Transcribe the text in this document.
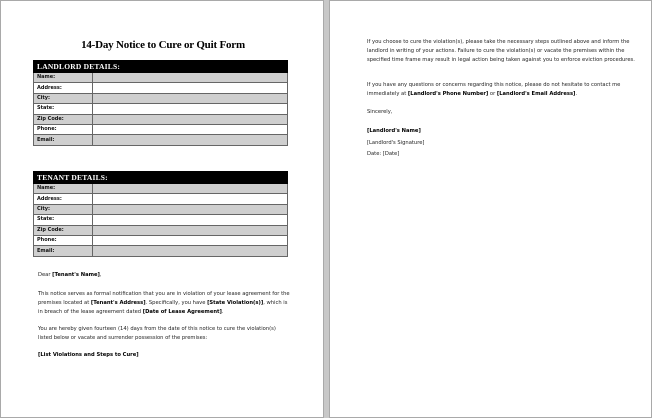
14-Day Notice to Cure or Quit Form
LANDLORD DETAILS:	
Name:	
Address:	
City:	
State:	
Zip Code:	
Phone:	
Email:	
TENANT DETAILS:	
Name:	
Address:	
City:	
State:	
Zip Code:	
Phone:	
Email:	
Dear [Tenant's Name],
This notice serves as formal notification that you are in violation of your lease agreement for the premises located at [Tenant's Address]. Specifically, you have [State Violation(s)], which is in breach of the lease agreement dated [Date of Lease Agreement].
You are hereby given fourteen (14) days from the date of this notice to cure the violation(s) listed below or vacate and surrender possession of the premises:
[List Violations and Steps to Cure]
If you choose to cure the violation(s), please take the necessary steps outlined above and inform the landlord in writing of your actions. Failure to cure the violation(s) or vacate the premises within the specified time frame may result in legal action being taken against you to enforce eviction procedures.
If you have any questions or concerns regarding this notice, please do not hesitate to contact me immediately at [Landlord's Phone Number] or [Landlord's Email Address].
Sincerely,
[Landlord's Name]
[Landlord's Signature]
Date: [Date]
